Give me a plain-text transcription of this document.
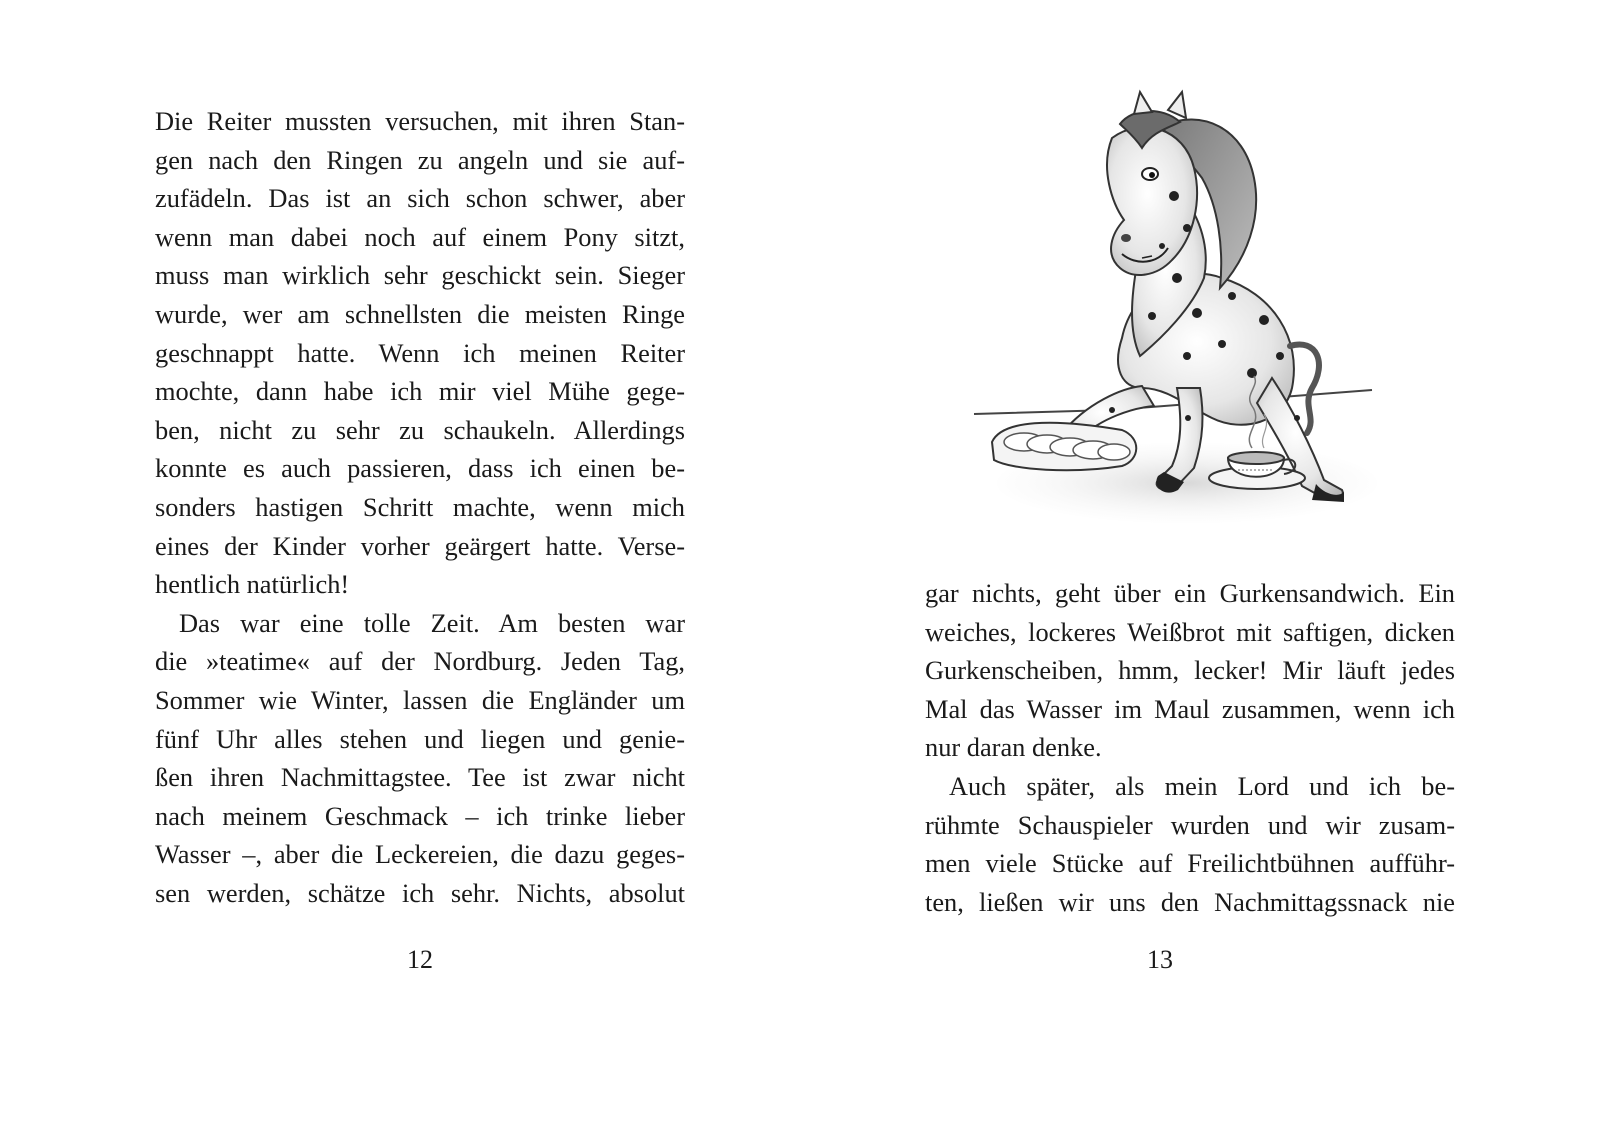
Die Reiter mussten versuchen, mit ihren Stan-
gen nach den Ringen zu angeln und sie auf-
zufädeln. Das ist an sich schon schwer, aber
wenn man dabei noch auf einem Pony sitzt,
muss man wirklich sehr geschickt sein. Sieger
wurde, wer am schnellsten die meisten Ringe
geschnappt hatte. Wenn ich meinen Reiter
mochte, dann habe ich mir viel Mühe gege-
ben, nicht zu sehr zu schaukeln. Allerdings
konnte es auch passieren, dass ich einen be-
sonders hastigen Schritt machte, wenn mich
eines der Kinder vorher geärgert hatte. Verse-
hentlich natürlich!
Das war eine tolle Zeit. Am besten war
die »teatime« auf der Nordburg. Jeden Tag,
Sommer wie Winter, lassen die Engländer um
fünf Uhr alles stehen und liegen und genie-
ßen ihren Nachmittagstee. Tee ist zwar nicht
nach meinem Geschmack – ich trinke lieber
Wasser –, aber die Leckereien, die dazu geges-
sen werden, schätze ich sehr. Nichts, absolut
12
gar nichts, geht über ein Gurkensandwich. Ein
weiches, lockeres Weißbrot mit saftigen, dicken
Gurkenscheiben, hmm, lecker! Mir läuft jedes
Mal das Wasser im Maul zusammen, wenn ich
nur daran denke.
Auch später, als mein Lord und ich be-
rühmte Schauspieler wurden und wir zusam-
men viele Stücke auf Freilichtbühnen aufführ-
ten, ließen wir uns den Nachmittagssnack nie
13
